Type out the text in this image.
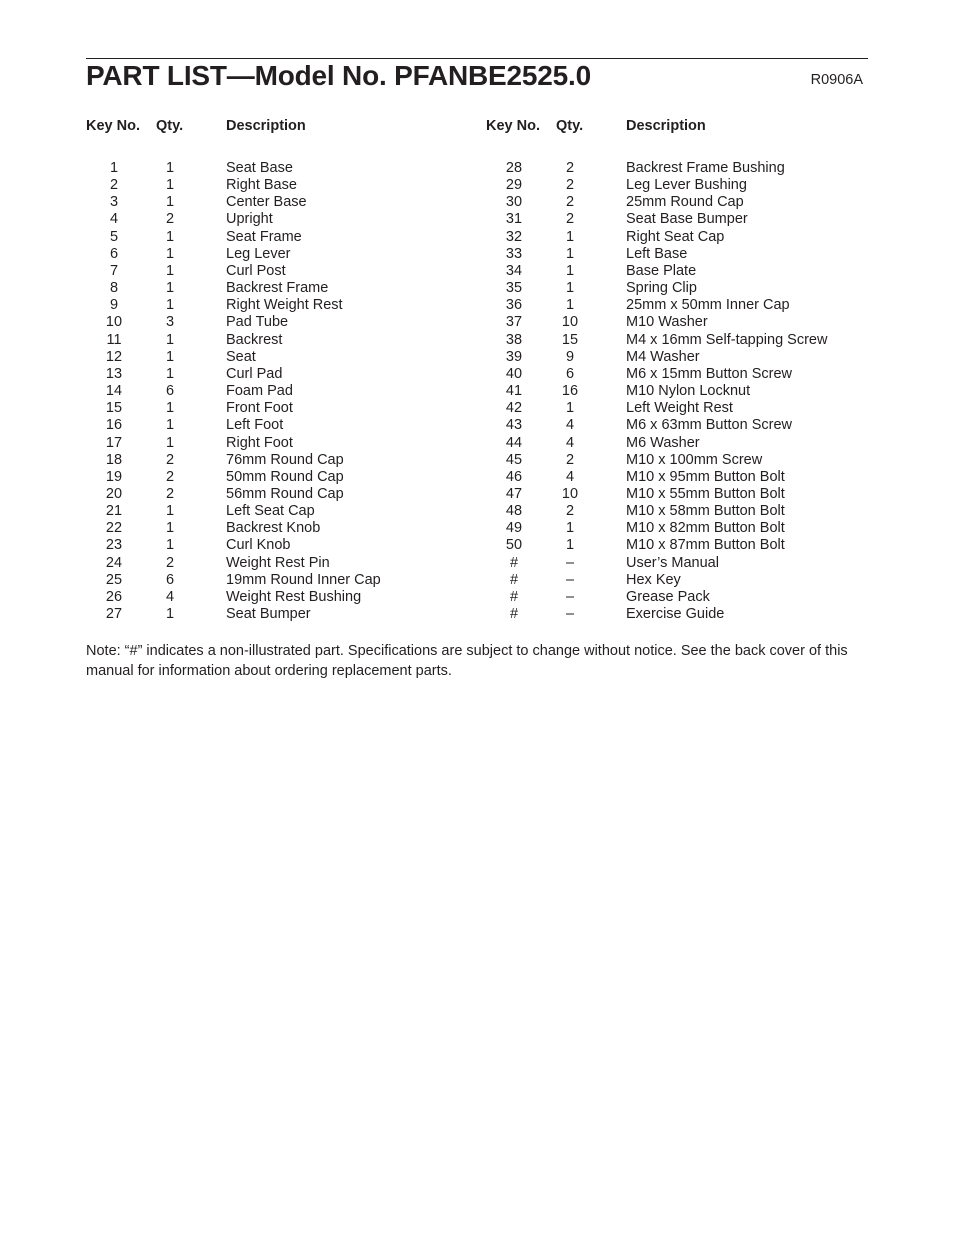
PART LIST—Model No. PFANBE2525.0	R0906A
Key No. Qty.	Description
1	1	Seat Base
2	1	Right Base
3	1	Center Base
4	2	Upright
5	1	Seat Frame
6	1	Leg Lever
7	1	Curl Post
8	1	Backrest Frame
9	1	Right Weight Rest
10	3	Pad Tube
11	1	Backrest
12	1	Seat
13	1	Curl Pad
14	6	Foam Pad
15	1	Front Foot
16	1	Left Foot
17	1	Right Foot
18	2	76mm Round Cap
19	2	50mm Round Cap
20	2	56mm Round Cap
21	1	Left Seat Cap
22	1	Backrest Knob
23	1	Curl Knob
24	2	Weight Rest Pin
25	6	19mm Round Inner Cap
26	4	Weight Rest Bushing
27	1	Seat Bumper
Key No. Qty.	Description
28	2	Backrest Frame Bushing
29	2	Leg Lever Bushing
30	2	25mm Round Cap
31	2	Seat Base Bumper
32	1	Right Seat Cap
33	1	Left Base
34	1	Base Plate
35	1	Spring Clip
36	1	25mm x 50mm Inner Cap
37	10	M10 Washer
38	15	M4 x 16mm Self-tapping Screw
39	9	M4 Washer
40	6	M6 x 15mm Button Screw
41	16	M10 Nylon Locknut
42	1	Left Weight Rest
43	4	M6 x 63mm Button Screw
44	4	M6 Washer
45	2	M10 x 100mm Screw
46	4	M10 x 95mm Button Bolt
47	10	M10 x 55mm Button Bolt
48	2	M10 x 58mm Button Bolt
49	1	M10 x 82mm Button Bolt
50	1	M10 x 87mm Button Bolt
#	–	User’s Manual
#	–	Hex Key
#	–	Grease Pack
#	–	Exercise Guide
Note: “#” indicates a non-illustrated part. Specifications are subject to change without notice. See the back cover of this manual for information about ordering replacement parts.
